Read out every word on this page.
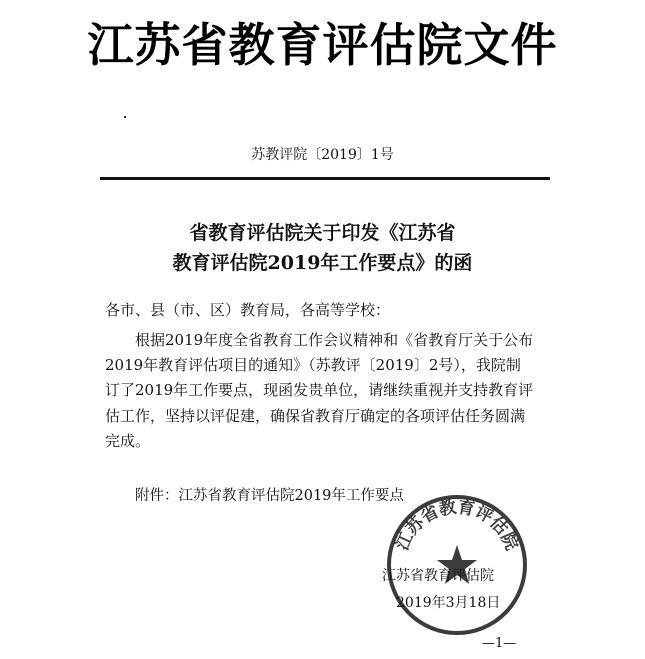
江苏省教育评估院文件
苏教评院〔2019〕1号
省教育评估院关于印发《江苏省
教育评估院2019年工作要点》的函
各市、县（市、区）教育局，各高等学校：
根据2019年度全省教育工作会议精神和《省教育厅关于公布
2019年教育评估项目的通知》（苏教评〔2019〕2号），我院制
订了2019年工作要点，现函发贵单位，请继续重视并支持教育评
估工作，坚持以评促建，确保省教育厅确定的各项评估任务圆满
完成。
附件：江苏省教育评估院2019年工作要点
江苏省教育评估院
江苏省教育评估院
2019年3月18日
—1—
